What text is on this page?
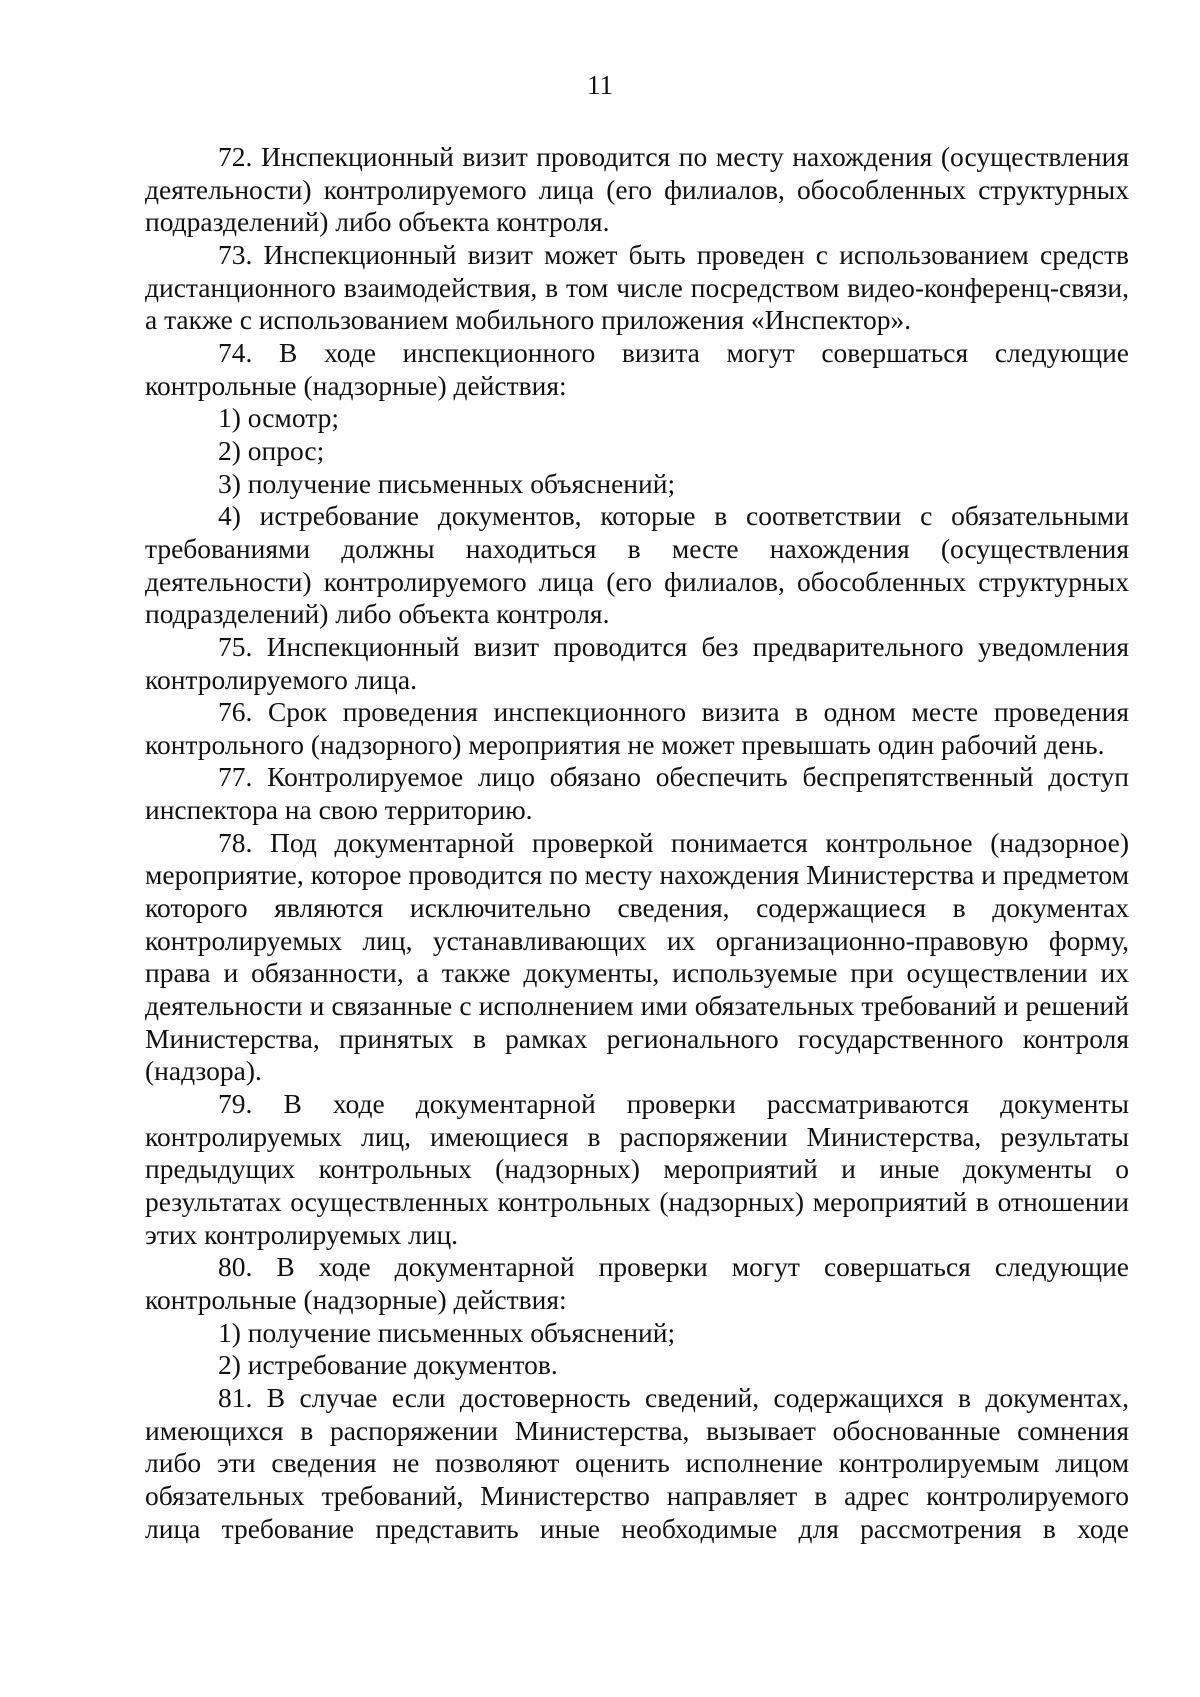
11

72. Инспекционный визит проводится по месту нахождения (осуществления деятельности) контролируемого лица (его филиалов, обособленных структурных подразделений) либо объекта контроля.

73. Инспекционный визит может быть проведен с использованием средств дистанционного взаимодействия, в том числе посредством видео-конференц-связи, а также с использованием мобильного приложения «Инспектор».

74. В ходе инспекционного визита могут совершаться следующие контрольные (надзорные) действия:

1) осмотр;

2) опрос;

3) получение письменных объяснений;

4) истребование документов, которые в соответствии с обязательными требованиями должны находиться в месте нахождения (осуществления деятельности) контролируемого лица (его филиалов, обособленных структурных подразделений) либо объекта контроля.

75. Инспекционный визит проводится без предварительного уведомления контролируемого лица.

76. Срок проведения инспекционного визита в одном месте проведения контрольного (надзорного) мероприятия не может превышать один рабочий день.

77. Контролируемое лицо обязано обеспечить беспрепятственный доступ инспектора на свою территорию.

78. Под документарной проверкой понимается контрольное (надзорное) мероприятие, которое проводится по месту нахождения Министерства и предметом которого являются исключительно сведения, содержащиеся в документах контролируемых лиц, устанавливающих их организационно-правовую форму, права и обязанности, а также документы, используемые при осуществлении их деятельности и связанные с исполнением ими обязательных требований и решений Министерства, принятых в рамках регионального государственного контроля (надзора).

79. В ходе документарной проверки рассматриваются документы контролируемых лиц, имеющиеся в распоряжении Министерства, результаты предыдущих контрольных (надзорных) мероприятий и иные документы о результатах осуществленных контрольных (надзорных) мероприятий в отношении этих контролируемых лиц.

80. В ходе документарной проверки могут совершаться следующие контрольные (надзорные) действия:

1) получение письменных объяснений;

2) истребование документов.

81. В случае если достоверность сведений, содержащихся в документах, имеющихся в распоряжении Министерства, вызывает обоснованные сомнения либо эти сведения не позволяют оценить исполнение контролируемым лицом обязательных требований, Министерство направляет в адрес контролируемого лица требование представить иные необходимые для рассмотрения в ходе
